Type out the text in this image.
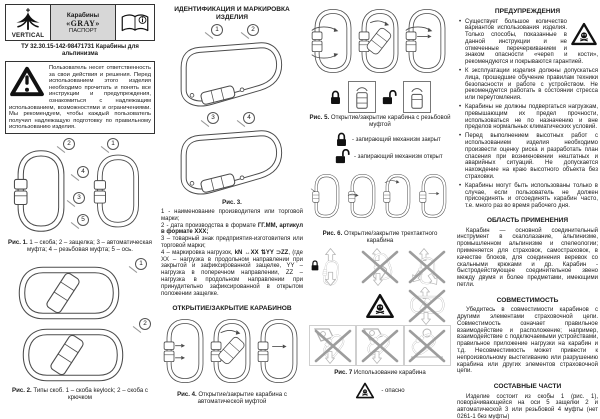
VERTICAL
Карабины
«GRAY»
ПАСПОРТ
ТУ 32.30.15-142-98471731 Карабины для альпинизма
Пользователь несет ответственность за свои действия и решения. Перед использованием этого изделия необходимо прочитать и понять все инструкции и предупреждения, ознакомиться с надлежащим использованием, возможностями и ограничениями. Мы рекомендуем, чтобы каждый пользователь получил надлежащую подготовку по правильному использованию изделия.
2	1
4
3
5
Рис. 1. 1 – скоба; 2 – защелка; 3 – автоматическая муфта; 4 – резьбовая муфта; 5 – ось.
1
2
Рис. 2. Типы скоб. 1 – скоба keylock; 2 – скоба с крючком
ИДЕНТИФИКАЦИЯ И МАРКИРОВКА ИЗДЕЛИЯ
1	2
3	4
Рис. 3.

1 - наименование производителя или торговой марки;

2 - дата производства в формате ГГ.ММ, артикул в формате XXX;

3 – товарный знак предприятия-изготовителя или торговой марки;

4 – маркировка нагрузок, kN ↔XX ⇅YY ⊃ZZ, (где XX – нагрузка в продольном направлении при закрытой и зафиксированной защелке, YY – нагрузка в поперечном направлении, ZZ – нагрузка в продольном направлении при принудительно зафиксированной в открытом положении защелке.

ОТКРЫТИЕ/ЗАКРЫТИЕ КАРАБИНОВ
Рис. 4. Открытие/закрытие карабина с автоматической муфтой
Рис. 5. Открытие/закрытие карабина с резьбовой муфтой
- запирающий механизм закрыт
- запирающий механизм открыт
Рис. 6. Открытие/закрытие трехтактного карабина
Рис. 7 Использование карабина
- опасно
ПРЕДУПРЕЖДЕНИЯ
• Существует большое количество вариантов использования изделия. Только способы, показанные в данной инструкции и не отмеченные перечеркиванием и знаком опасности «череп и кости», рекомендуются и покрываются гарантией.
• К эксплуатации изделия должны допускаться лица, прошедшие обучение правилам техники безопасности и работе с устройством. Не рекомендуется работать в состоянии стресса или переутомления.
• Карабины не должны подвергаться нагрузкам, превышающим их предел прочности, использоваться не по назначению и вне пределов нормальных климатических условий.
• Перед выполнением высотных работ с использованием изделия необходимо произвести оценку риска и разработать план спасения при возникновении нештатных и аварийных ситуаций. Не допускается нахождение на краю высотного объекта без страховки.
• Карабины могут быть использованы только в случае, если пользователь не должен присоединять и отсоединять карабин часто, т.е. много раз во время рабочего дня.
ОБЛАСТЬ ПРИМЕНЕНИЯ

Карабин — основной соединительный инструмент в скалолазание, альпинизме, промышленном альпинизме и спелеологии; применяется для страховок, самостраховок, в качестве блоков, для соединения веревок со скальными крюками и др. Карабин - быстродействующее соединительное звено между двумя и более предметами, имеющими петли.

СОВМЕСТИМОСТЬ

Убедитесь в совместимости карабинов с другими элементами страховочной цепи. Совместимость означает правильное взаимодействие и расположение; например, взаимодействие с подключаемыми устройствами, правильное приложение нагрузки на карабин и т.д. Несовместимость может привести к непроизвольному выстегиванию или разрушению карабина или других элементов страховочной цепи.

СОСТАВНЫЕ ЧАСТИ

Изделие состоит из скобы 1 (рис. 1), поворачивающейся на оси 5 защелки 2 и автоматической 3 или резьбовой 4 муфты (нет 0261-1 без муфты)
